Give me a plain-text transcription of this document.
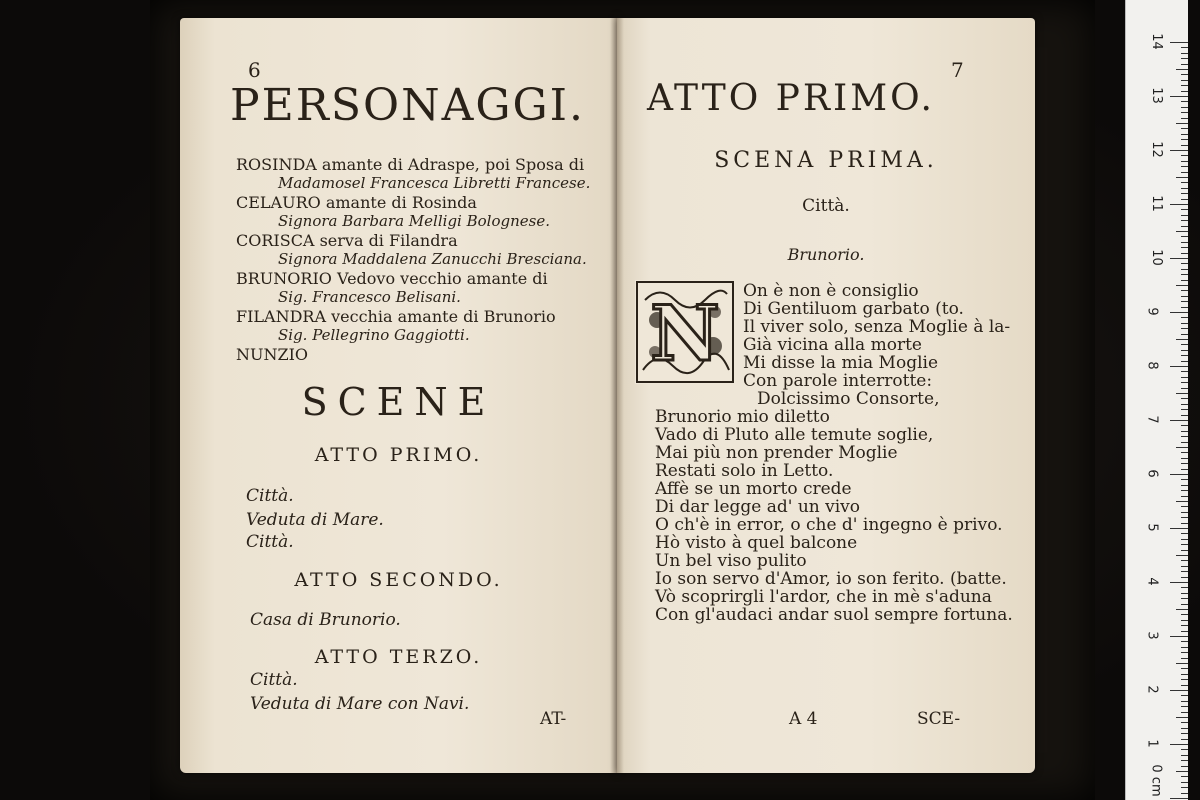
6
PERSONAGGI.
ROSINDA amante di Adraspe, poi Sposa di
Madamosel Francesca Libretti Francese.
CELAURO amante di Rosinda
Signora Barbara Melligi Bolognese.
CORISCA serva di Filandra
Signora Maddalena Zanucchi Bresciana.
BRUNORIO Vedovo vecchio amante di
Sig. Francesco Belisani.
FILANDRA vecchia amante di Brunorio
Sig. Pellegrino Gaggiotti.
NUNZIO
SCENE
ATTO PRIMO.
Città.
Veduta di Mare.
Città.
ATTO SECONDO.
Casa di Brunorio.
ATTO TERZO.
Città.
Veduta di Mare con Navi.
AT-
7
ATTO PRIMO.
SCENA PRIMA.
Città.
Brunorio.
N On è non è consiglio
Di Gentiluom garbato (to.
Il viver solo, senza Moglie à la-
Già vicina alla morte
Mi disse la mia Moglie
Con parole interrotte:
Dolcissimo Consorte,
Brunorio mio diletto
Vado di Pluto alle temute soglie,
Mai più non prender Moglie
Restati solo in Letto.
Affè se un morto crede
Di dar legge ad' un vivo
O ch'è in error, o che d' ingegno è privo.
Hò visto à quel balcone
Un bel viso pulito
Io son servo d'Amor, io son ferito. (batte.
Vò scoprirgli l'ardor, che in mè s'aduna
Con gl'audaci andar suol sempre fortuna.
A 4	SCE-
0 cm
14
13
12
11
10
9
8
7
6
5
4
3
2
1
